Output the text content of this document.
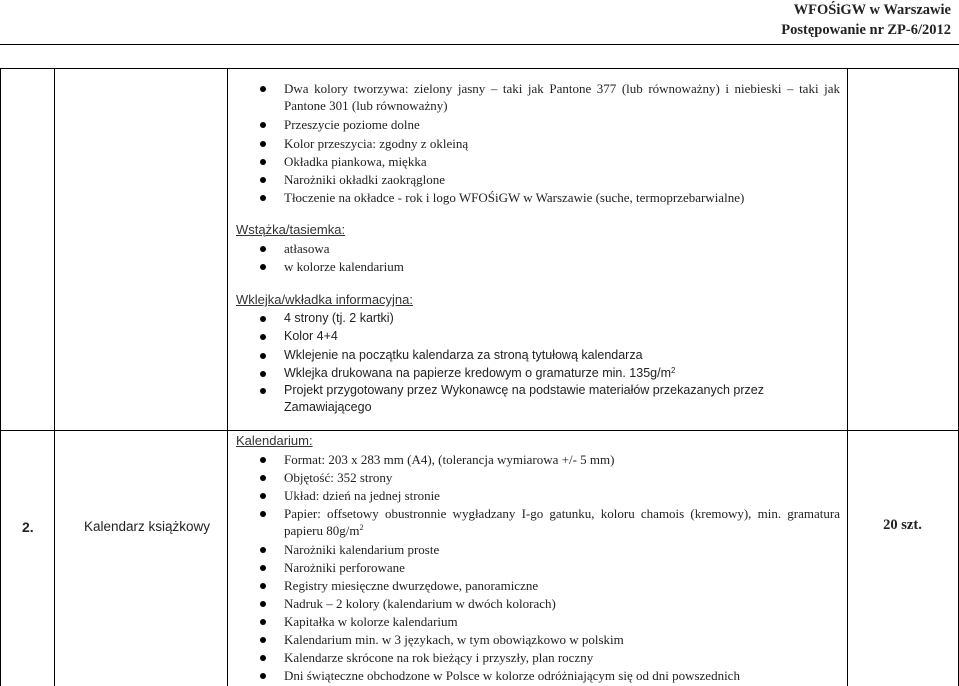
WFOŚiGW w Warszawie
Postępowanie nr ZP-6/2012
Dwa kolory tworzywa: zielony jasny – taki jak Pantone 377 (lub równoważny) i niebieski – taki jak Pantone 301 (lub równoważny)
Przeszycie poziome dolne
Kolor przeszycia: zgodny z okleiną
Okładka piankowa, miękka
Narożniki okładki zaokrąglone
Tłoczenie na okładce - rok i logo WFOŚiGW w Warszawie (suche, termoprzebarwialne)
Wstążka/tasiemka:
atłasowa
w kolorze kalendarium
Wklejka/wkładka informacyjna:
4 strony (tj. 2 kartki)
Kolor 4+4
Wklejenie na początku kalendarza za stroną tytułową kalendarza
Wklejka drukowana na papierze kredowym o gramaturze min. $135g/m^2$
Projekt przygotowany przez Wykonawcę na podstawie materiałów przekazanych przez Zamawiającego
2.	Kalendarz książkowy	20 szt.
Kalendarium:
Format: 203 x 283 mm (A4), (tolerancja wymiarowa +/- 5 mm)
Objętość: 352 strony
Układ: dzień na jednej stronie
Papier: offsetowy obustronnie wygładzany I-go gatunku, koloru chamois (kremowy), min. gramatura papieru $80g/m^2$
Narożniki kalendarium proste
Narożniki perforowane
Registry miesięczne dwurzędowe, panoramiczne
Nadruk – 2 kolory (kalendarium w dwóch kolorach)
Kapitałka w kolorze kalendarium
Kalendarium min. w 3 językach, w tym obowiązkowo w polskim
Kalendarze skrócone na rok bieżący i przyszły, plan roczny
Dni świąteczne obchodzone w Polsce w kolorze odróżniającym się od dni powszednich
